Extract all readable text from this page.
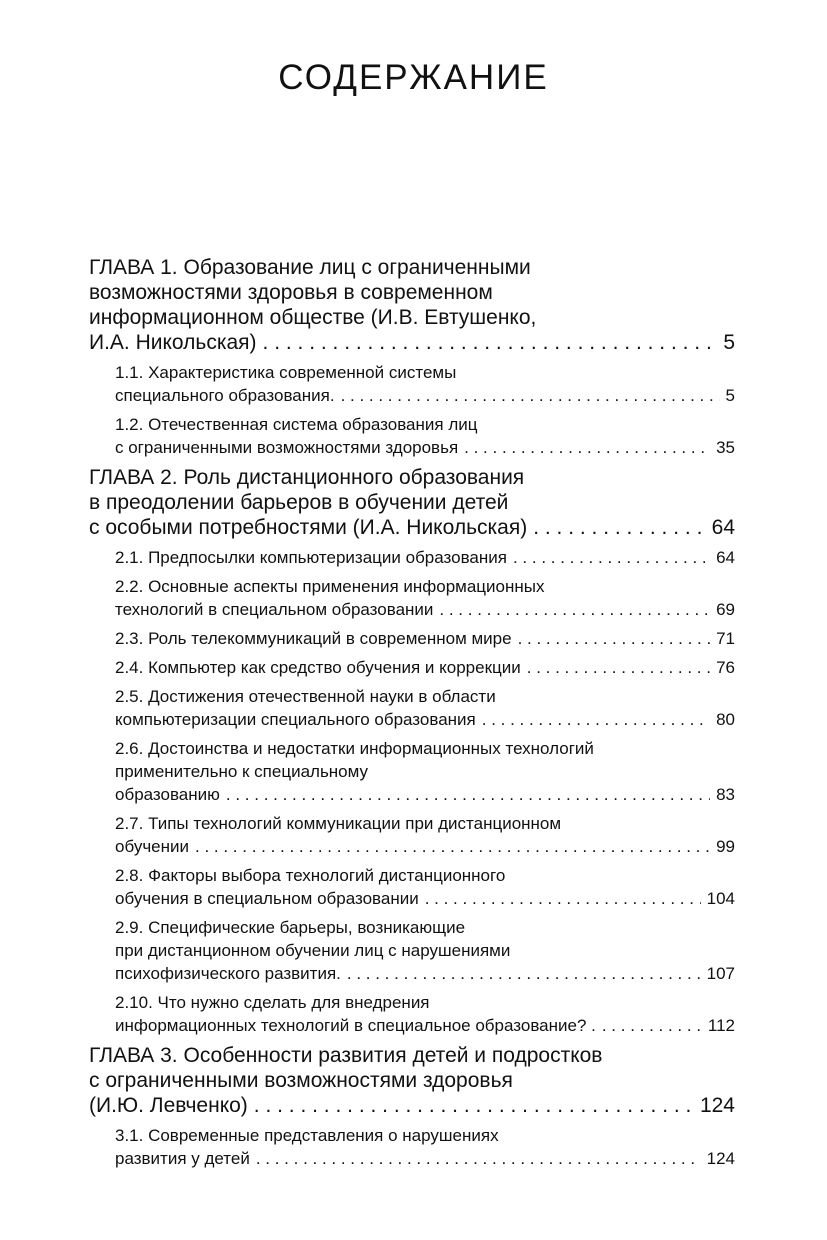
СОДЕРЖАНИЕ
ГЛАВА 1. Образование лиц с ограниченными
возможностями здоровья в современном
информационном обществе (И.В. Евтушенко,
И.А. Никольская) . . .	5
1.1. Характеристика современной системы
специального образования. . . .	5
1.2. Отечественная система образования лиц
с ограниченными возможностями здоровья . . .	35
ГЛАВА 2. Роль дистанционного образования
в преодолении барьеров в обучении детей
с особыми потребностями (И.А. Никольская) . . .	64
2.1. Предпосылки компьютеризации образования . . .	64
2.2. Основные аспекты применения информационных
технологий в специальном образовании . . .	69
2.3. Роль телекоммуникаций в современном мире . . .	71
2.4. Компьютер как средство обучения и коррекции . . .	76
2.5. Достижения отечественной науки в области
компьютеризации специального образования . . .	80
2.6. Достоинства и недостатки информационных технологий
применительно к специальному
образованию . . .	83
2.7. Типы технологий коммуникации при дистанционном
обучении . . .	99
2.8. Факторы выбора технологий дистанционного
обучения в специальном образовании . . .	104
2.9. Специфические барьеры, возникающие
при дистанционном обучении лиц с нарушениями
психофизического развития. . . .	107
2.10. Что нужно сделать для внедрения
информационных технологий в специальное образование? . . . .	112
ГЛАВА 3. Особенности развития детей и подростков
с ограниченными возможностями здоровья
(И.Ю. Левченко) . . .	124
3.1. Современные представления о нарушениях
развития у детей . . .	124
